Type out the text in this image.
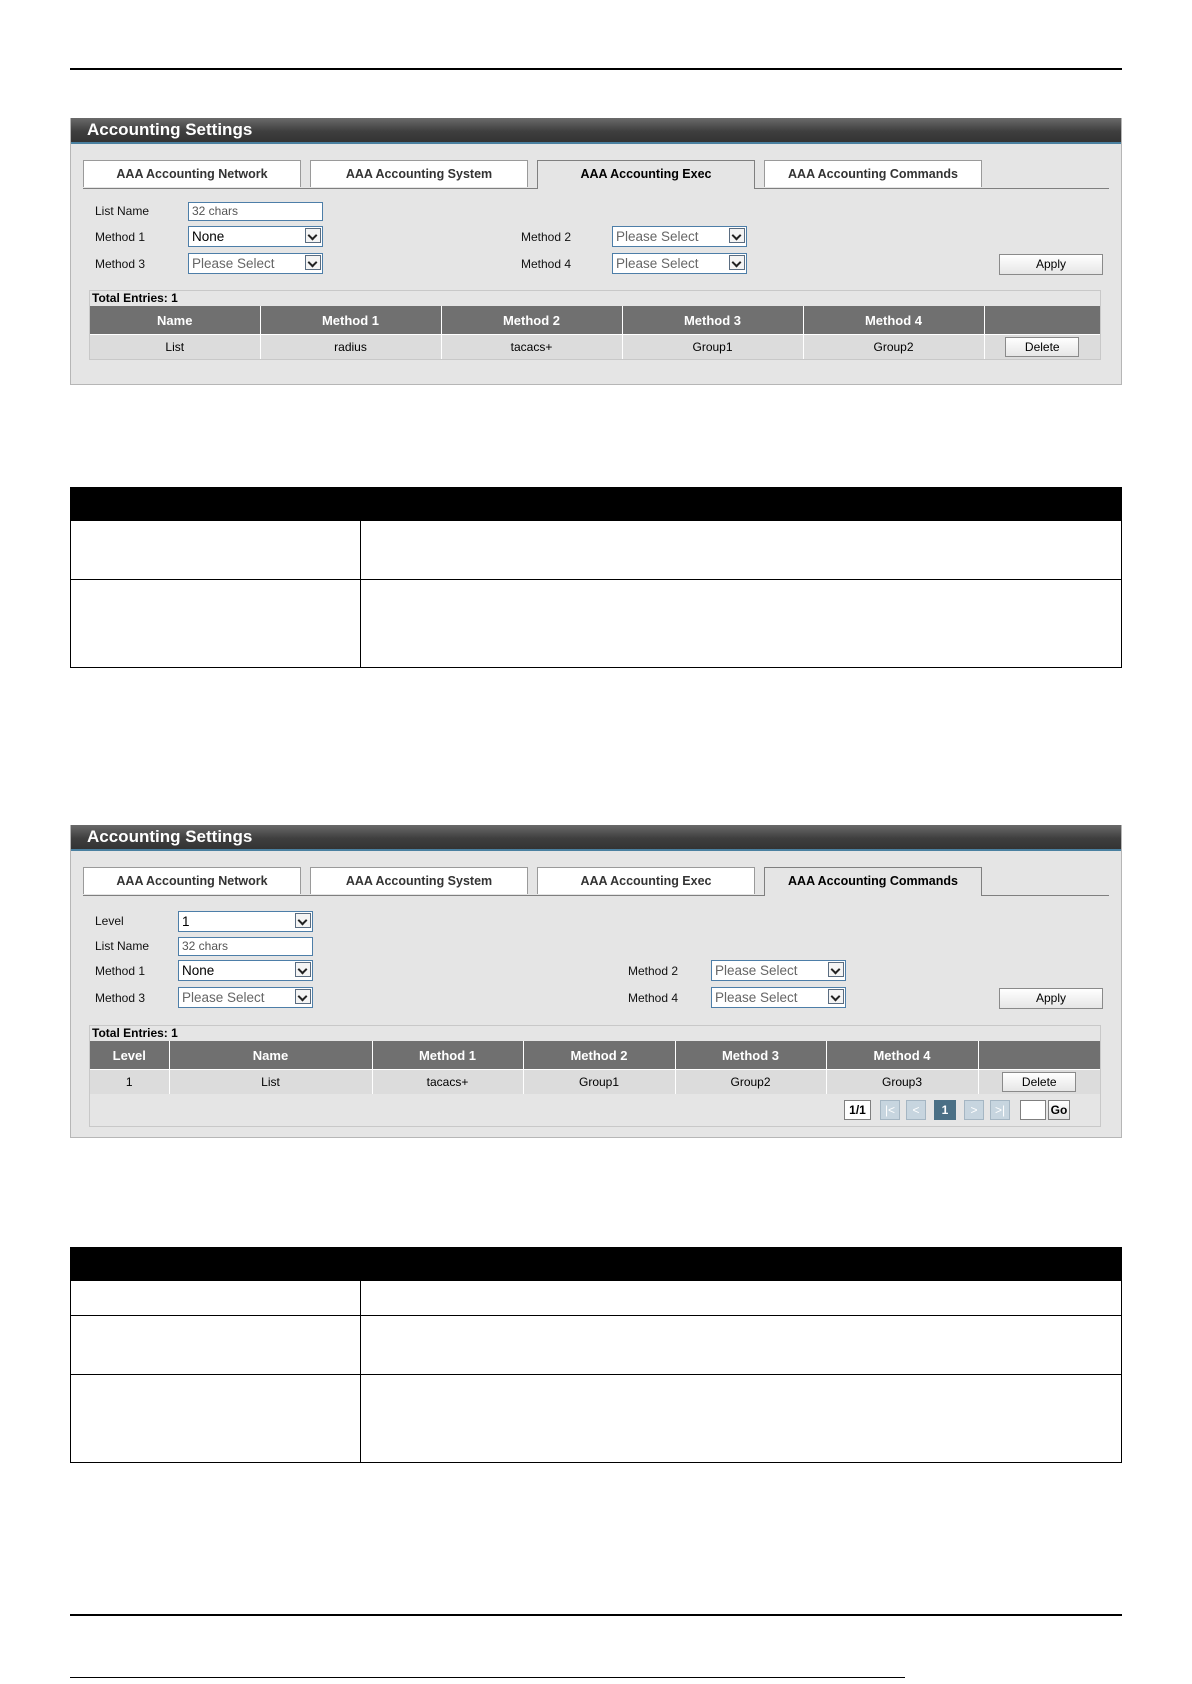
Accounting Settings
AAA Accounting Network	AAA Accounting System	AAA Accounting Exec	AAA Accounting Commands
List Name	32 chars
Method 1	None	Method 2	Please Select
Method 3	Please Select	Method 4	Please Select	Apply
Total Entries: 1
Name	Method 1	Method 2	Method 3	Method 4	
List	radius	tacacs+	Group1	Group2	Delete

Accounting Settings
AAA Accounting Network	AAA Accounting System	AAA Accounting Exec	AAA Accounting Commands
Level	1
List Name	32 chars
Method 1	None	Method 2	Please Select
Method 3	Please Select	Method 4	Please Select	Apply
Total Entries: 1
Level	Name	Method 1	Method 2	Method 3	Method 4	
1	List	tacacs+	Group1	Group2	Group3	Delete
1/1	|<	<	1	>	>|	Go
